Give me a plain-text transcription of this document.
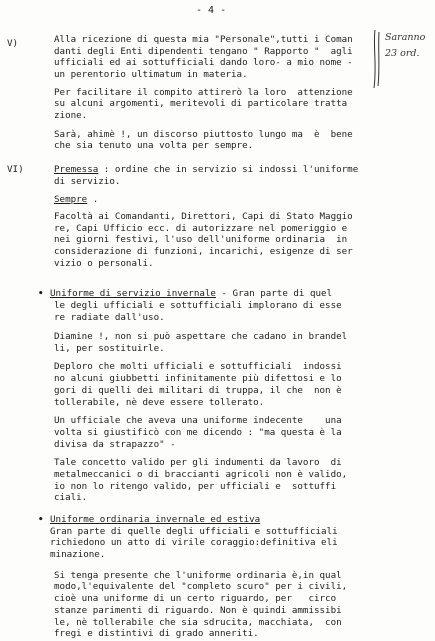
- 4 -
Saranno
23 ord.
V)	Alla ricezione di questa mia "Personale",tutti i Coman
danti degli Enti dipendenti tengano " Rapporto "  agli
ufficiali ed ai sottufficiali dando loro- a mio nome -
un perentorio ultimatum in materia.
Per facilitare il compito attirerò la loro  attenzione
su alcuni argomenti, meritevoli di particolare tratta
zione.
Sarà, ahimè !, un discorso piuttosto lungo ma  è  bene
che sia tenuto una volta per sempre.
VI)	Premessa : ordine che in servizio si indossi l'uniforme
di servizio.
Sempre .
Facoltà ai Comandanti, Direttori, Capi di Stato Maggio
re, Capi Ufficio ecc. di autorizzare nel pomeriggio e
nei giorni festivi, l'uso dell'uniforme ordinaria  in
considerazione di funzioni, incarichi, esigenze di ser
vizio o personali.
• Uniforme di servizio invernale - Gran parte di quel
le degli ufficiali e sottufficiali implorano di esse
re radiate dall'uso.
Diamine !, non si può aspettare che cadano in brandel
li, per sostituirle.
Deploro che molti ufficiali e sottufficiali  indossi
no alcuni giubbetti infinitamente più difettosi e lo
gori di quelli dei militari di truppa, il che  non è
tollerabile, nè deve essere tollerato.
Un ufficiale che aveva una uniforme indecente    una
volta si giustificò con me dicendo : "ma questa è la
divisa da strapazzo" -
Tale concetto valido per gli indumenti da lavoro  di
metalmeccanici o di braccianti agricoli non è valido,
io non lo ritengo valido, per ufficiali e  sottuffi
ciali.
• Uniforme ordinaria invernale ed estiva
Gran parte di quelle degli ufficiali e sottufficiali
richiedono un atto di virile coraggio:definitiva eli
minazione.
Si tenga presente che l'uniforme ordinaria è,in qual
modo,l'equivalente del "completo scuro" per i civili,
cioè una uniforme di un certo riguardo, per   circo
stanze parimenti di riguardo. Non è quindi ammissibi
le, nè tollerabile che sia sdrucita, macchiata,  con
fregi e distintivi di grado anneriti.
